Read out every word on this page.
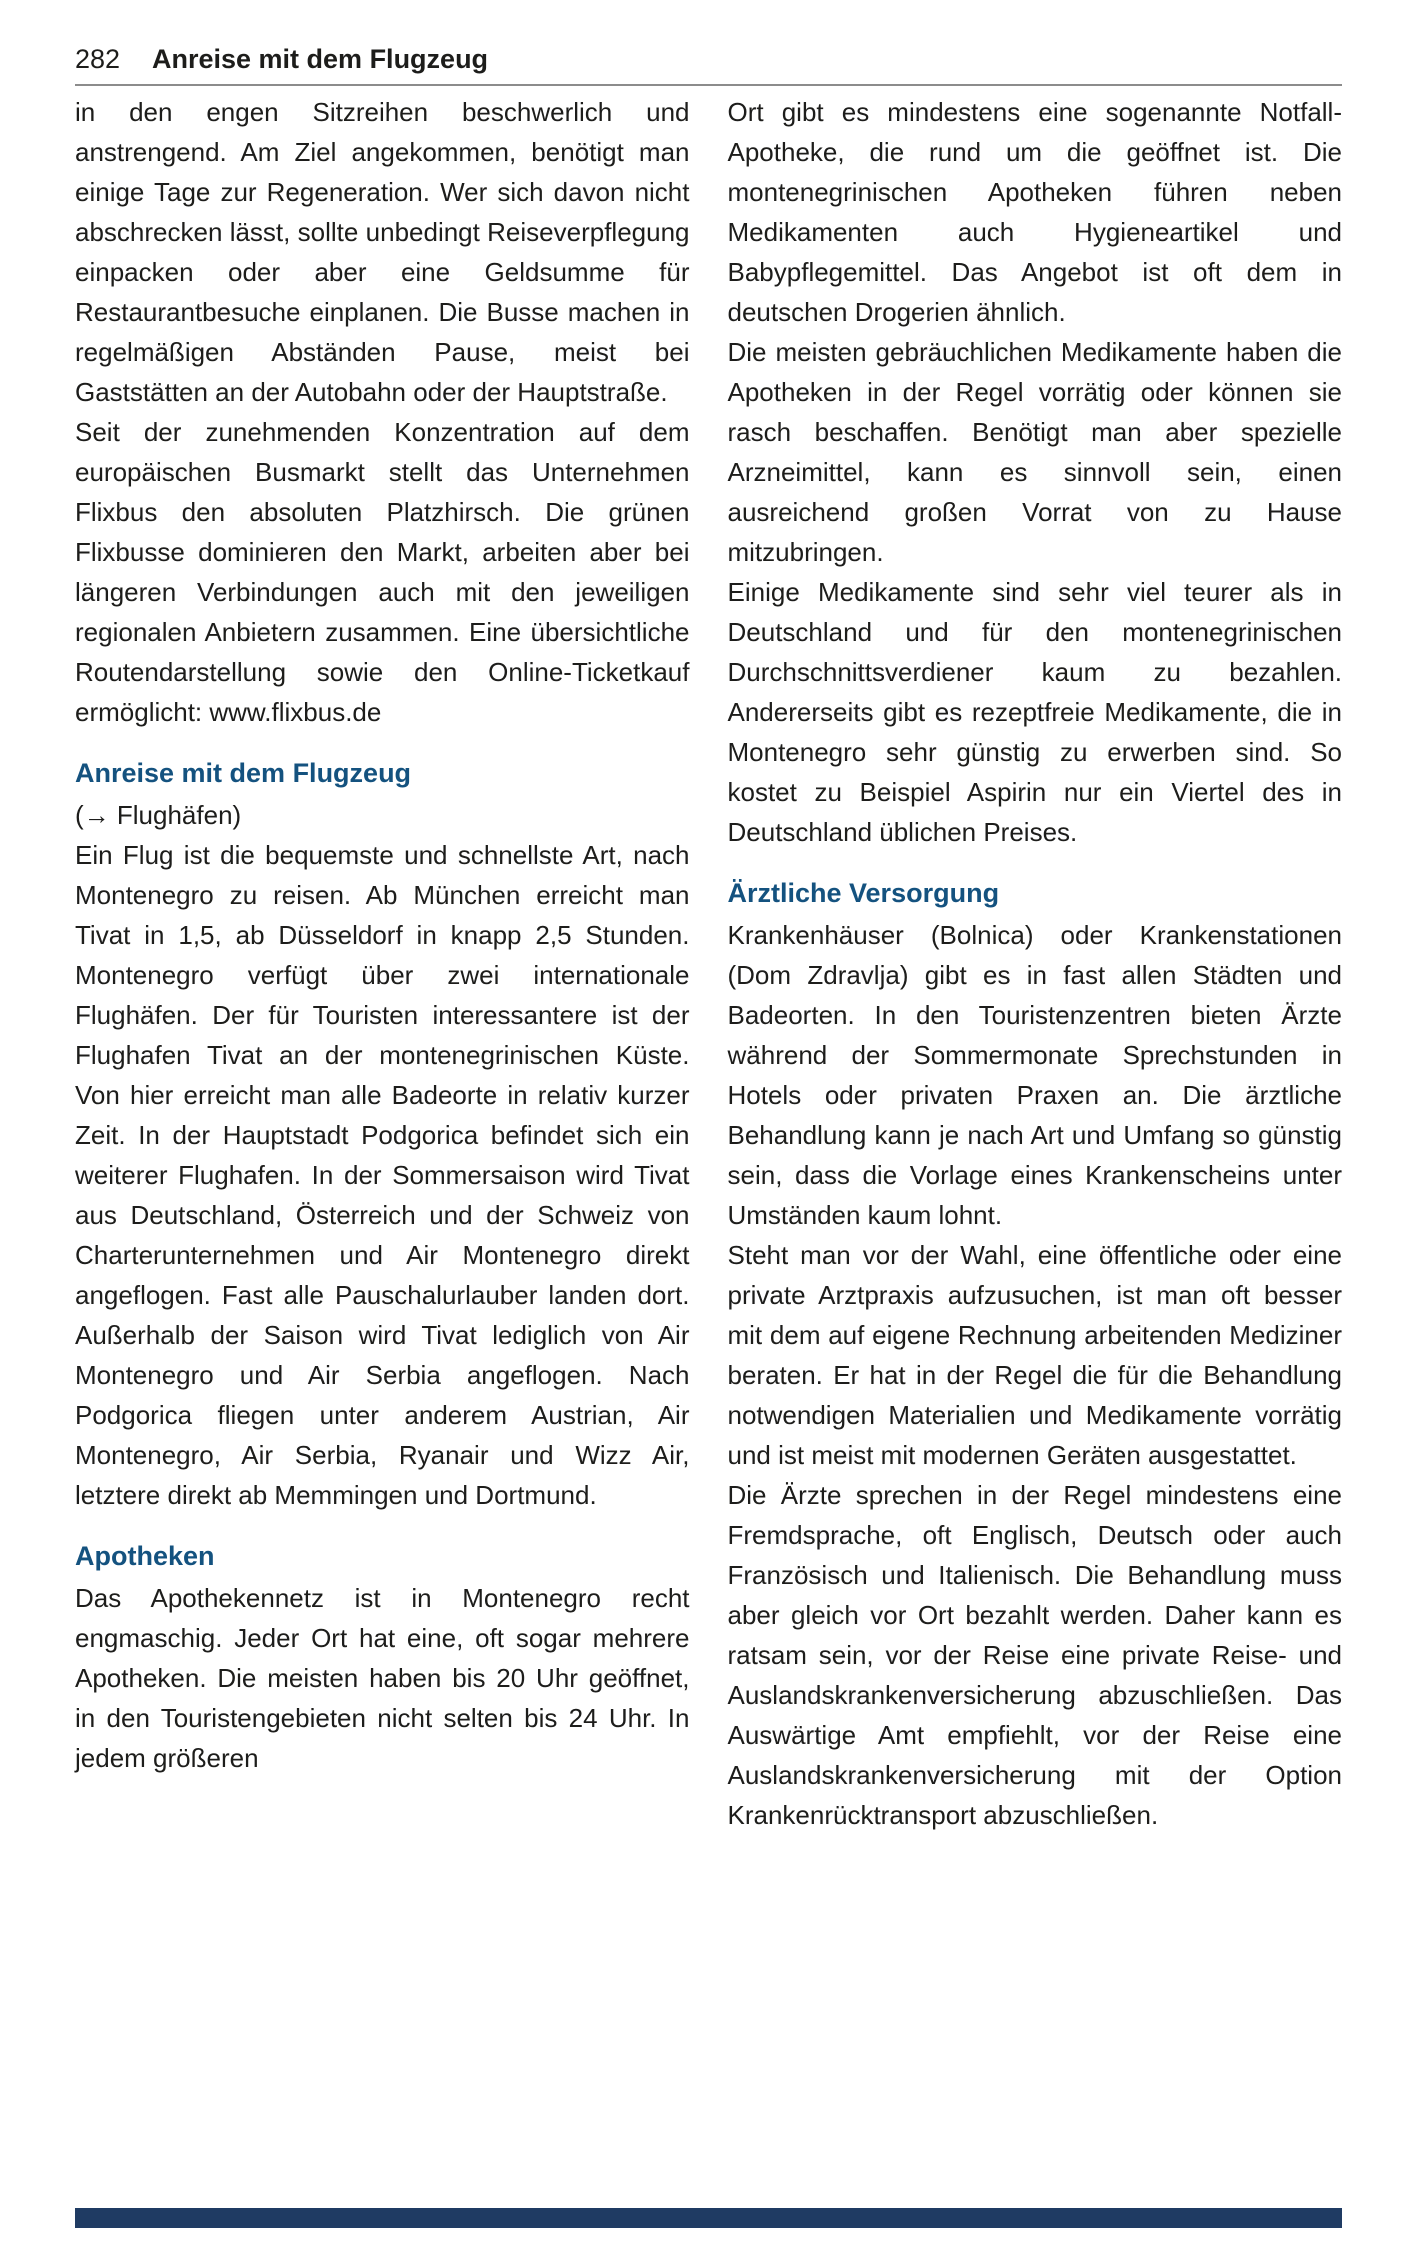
282	Anreise mit dem Flugzeug

in den engen Sitzreihen beschwerlich und anstrengend. Am Ziel angekommen, benötigt man einige Tage zur Regeneration. Wer sich davon nicht abschrecken lässt, sollte unbedingt Reiseverpflegung einpacken oder aber eine Geldsumme für Restaurantbesuche einplanen. Die Busse machen in regelmäßigen Abständen Pause, meist bei Gaststätten an der Autobahn oder der Hauptstraße.

Seit der zunehmenden Konzentration auf dem europäischen Busmarkt stellt das Unternehmen Flixbus den absoluten Platzhirsch. Die grünen Flixbusse dominieren den Markt, arbeiten aber bei längeren Verbindungen auch mit den jeweiligen regionalen Anbietern zusammen. Eine übersichtliche Routendarstellung sowie den Online-Ticketkauf ermöglicht: www.flixbus.de

Anreise mit dem Flugzeug

(→ Flughäfen)

Ein Flug ist die bequemste und schnellste Art, nach Montenegro zu reisen. Ab München erreicht man Tivat in 1,5, ab Düsseldorf in knapp 2,5 Stunden. Montenegro verfügt über zwei internationale Flughäfen. Der für Touristen interessantere ist der Flughafen Tivat an der montenegrinischen Küste. Von hier erreicht man alle Badeorte in relativ kurzer Zeit. In der Hauptstadt Podgorica befindet sich ein weiterer Flughafen. In der Sommersaison wird Tivat aus Deutschland, Österreich und der Schweiz von Charterunternehmen und Air Montenegro direkt angeflogen. Fast alle Pauschalurlauber landen dort. Außerhalb der Saison wird Tivat lediglich von Air Montenegro und Air Serbia angeflogen. Nach Podgorica fliegen unter anderem Austrian, Air Montenegro, Air Serbia, Ryanair und Wizz Air, letztere direkt ab Memmingen und Dortmund.

Apotheken

Das Apothekennetz ist in Montenegro recht engmaschig. Jeder Ort hat eine, oft sogar mehrere Apotheken. Die meisten haben bis 20 Uhr geöffnet, in den Touristengebieten nicht selten bis 24 Uhr. In jedem größeren

Ort gibt es mindestens eine sogenannte Notfall-Apotheke, die rund um die geöffnet ist. Die montenegrinischen Apotheken führen neben Medikamenten auch Hygieneartikel und Babypflegemittel. Das Angebot ist oft dem in deutschen Drogerien ähnlich.

Die meisten gebräuchlichen Medikamente haben die Apotheken in der Regel vorrätig oder können sie rasch beschaffen. Benötigt man aber spezielle Arzneimittel, kann es sinnvoll sein, einen ausreichend großen Vorrat von zu Hause mitzubringen.

Einige Medikamente sind sehr viel teurer als in Deutschland und für den montenegrinischen Durchschnittsverdiener kaum zu bezahlen. Andererseits gibt es rezeptfreie Medikamente, die in Montenegro sehr günstig zu erwerben sind. So kostet zu Beispiel Aspirin nur ein Viertel des in Deutschland üblichen Preises.

Ärztliche Versorgung

Krankenhäuser (Bolnica) oder Krankenstationen (Dom Zdravlja) gibt es in fast allen Städten und Badeorten. In den Touristenzentren bieten Ärzte während der Sommermonate Sprechstunden in Hotels oder privaten Praxen an. Die ärztliche Behandlung kann je nach Art und Umfang so günstig sein, dass die Vorlage eines Krankenscheins unter Umständen kaum lohnt.

Steht man vor der Wahl, eine öffentliche oder eine private Arztpraxis aufzusuchen, ist man oft besser mit dem auf eigene Rechnung arbeitenden Mediziner beraten. Er hat in der Regel die für die Behandlung notwendigen Materialien und Medikamente vorrätig und ist meist mit modernen Geräten ausgestattet.

Die Ärzte sprechen in der Regel mindestens eine Fremdsprache, oft Englisch, Deutsch oder auch Französisch und Italienisch. Die Behandlung muss aber gleich vor Ort bezahlt werden. Daher kann es ratsam sein, vor der Reise eine private Reise- und Auslandskrankenversicherung abzuschließen. Das Auswärtige Amt empfiehlt, vor der Reise eine Auslandskrankenversicherung mit der Option Krankenrücktransport abzuschließen.
